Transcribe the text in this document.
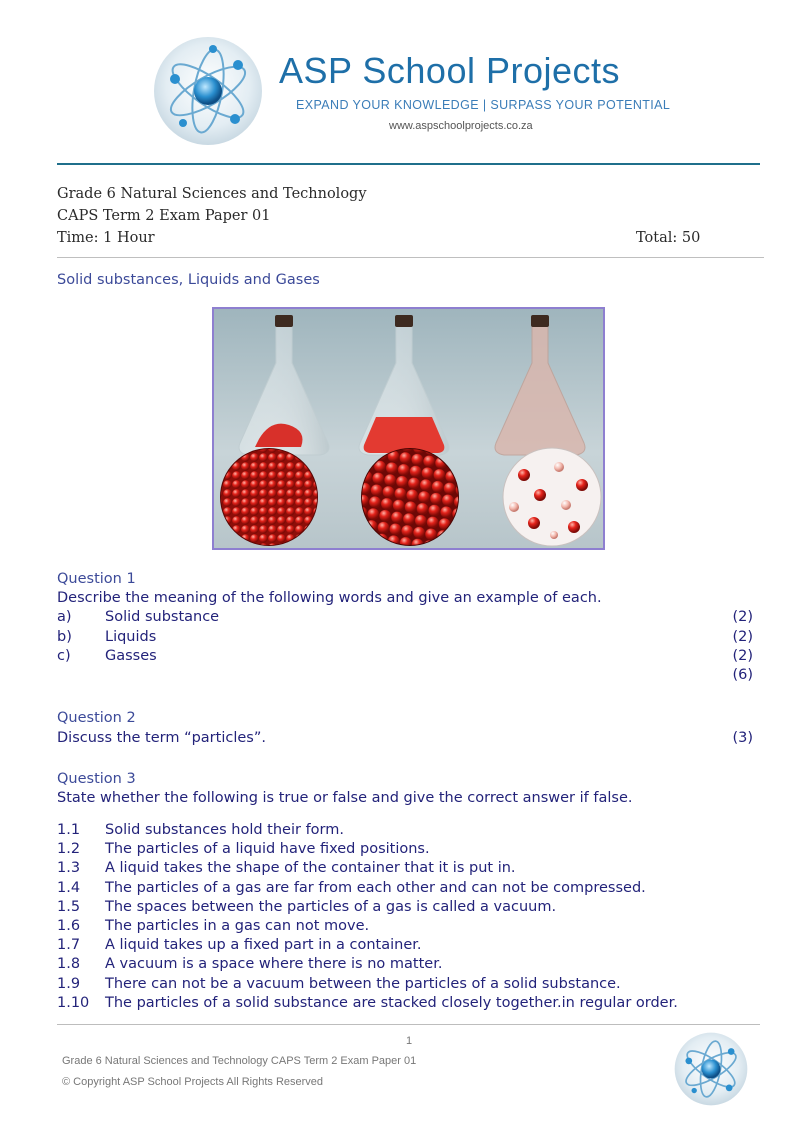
ASP School Projects
EXPAND YOUR KNOWLEDGE | SURPASS YOUR POTENTIAL
www.aspschoolprojects.co.za
Grade 6 Natural Sciences and Technology
CAPS Term 2 Exam Paper 01
Time: 1 Hour	Total: 50
Solid substances, Liquids and Gases
Question 1
Describe the meaning of the following words and give an example of each.
a) Solid substance	(2)
b) Liquids	(2)
c) Gasses	(2)
(6)
Question 2
Discuss the term “particles”.	(3)
Question 3
State whether the following is true or false and give the correct answer if false.
1.1 Solid substances hold their form.
1.2 The particles of a liquid have fixed positions.
1.3 A liquid takes the shape of the container that it is put in.
1.4 The particles of a gas are far from each other and can not be compressed.
1.5 The spaces between the particles of a gas is called a vacuum.
1.6 The particles in a gas can not move.
1.7 A liquid takes up a fixed part in a container.
1.8 A vacuum is a space where there is no matter.
1.9 There can not be a vacuum between the particles of a solid substance.
1.10 The particles of a solid substance are stacked closely together.in regular order.
1
Grade 6 Natural Sciences and Technology CAPS Term 2 Exam Paper 01
© Copyright ASP School Projects All Rights Reserved
